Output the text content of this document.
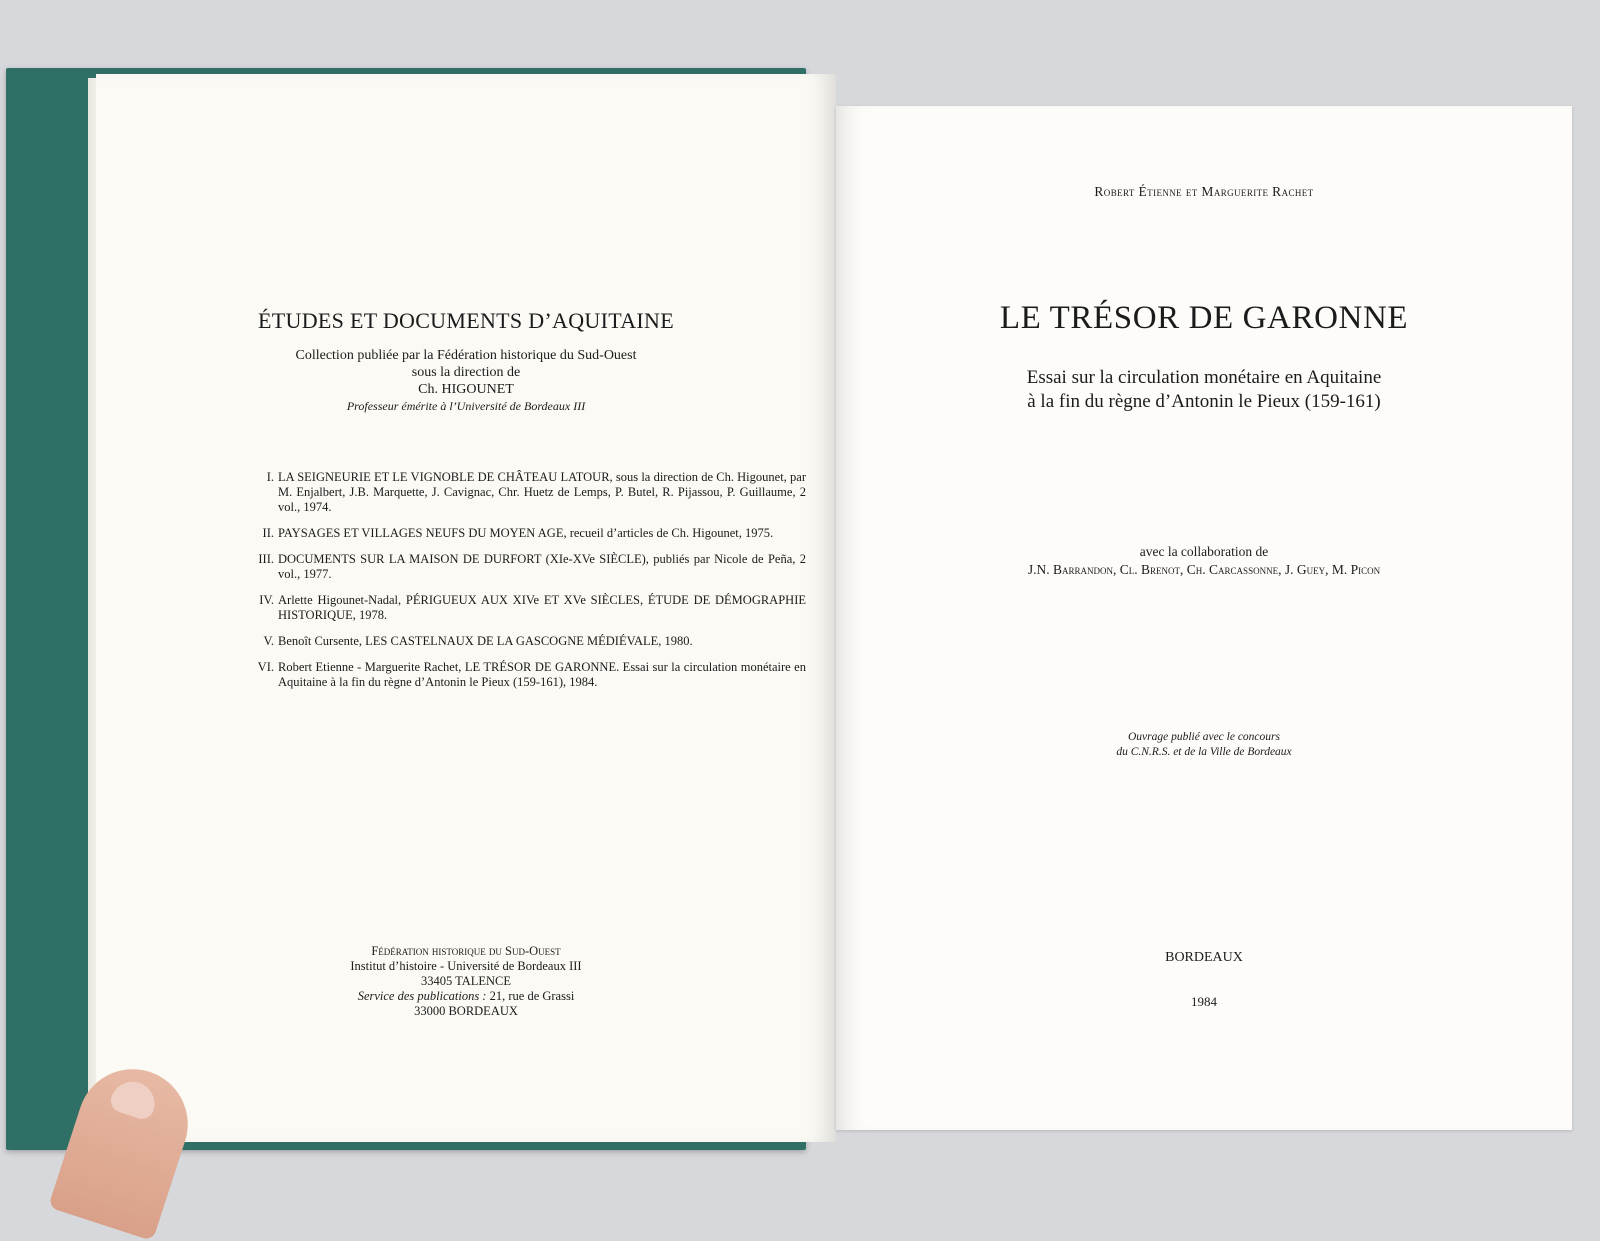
ÉTUDES ET DOCUMENTS D’AQUITAINE
Collection publiée par la Fédération historique du Sud-Ouest
sous la direction de
Ch. HIGOUNET
Professeur émérite à l’Université de Bordeaux III
I. LA SEIGNEURIE ET LE VIGNOBLE DE CHÂTEAU LATOUR, sous la direction de Ch. Higounet, par M. Enjalbert, J.B. Marquette, J. Cavignac, Chr. Huetz de Lemps, P. Butel, R. Pijassou, P. Guillaume, 2 vol., 1974.
II. PAYSAGES ET VILLAGES NEUFS DU MOYEN AGE, recueil d’articles de Ch. Higounet, 1975.
III. DOCUMENTS SUR LA MAISON DE DURFORT (XIe-XVe SIÈCLE), publiés par Nicole de Peña, 2 vol., 1977.
IV. Arlette Higounet-Nadal, PÉRIGUEUX AUX XIVe ET XVe SIÈCLES, ÉTUDE DE DÉMOGRAPHIE HISTORIQUE, 1978.
V. Benoît Cursente, LES CASTELNAUX DE LA GASCOGNE MÉDIÉVALE, 1980.
VI. Robert Etienne - Marguerite Rachet, LE TRÉSOR DE GARONNE. Essai sur la circulation monétaire en Aquitaine à la fin du règne d’Antonin le Pieux (159-161), 1984.
Fédération historique du Sud-Ouest
Institut d’histoire - Université de Bordeaux III
33405 TALENCE
Service des publications : 21, rue de Grassi
33000 BORDEAUX
Robert Étienne et Marguerite Rachet
LE TRÉSOR DE GARONNE
Essai sur la circulation monétaire en Aquitaine
à la fin du règne d’Antonin le Pieux (159-161)
avec la collaboration de
J.N. Barrandon, Cl. Brenot, Ch. Carcassonne, J. Guey, M. Picon
Ouvrage publié avec le concours
du C.N.R.S. et de la Ville de Bordeaux
BORDEAUX
1984
